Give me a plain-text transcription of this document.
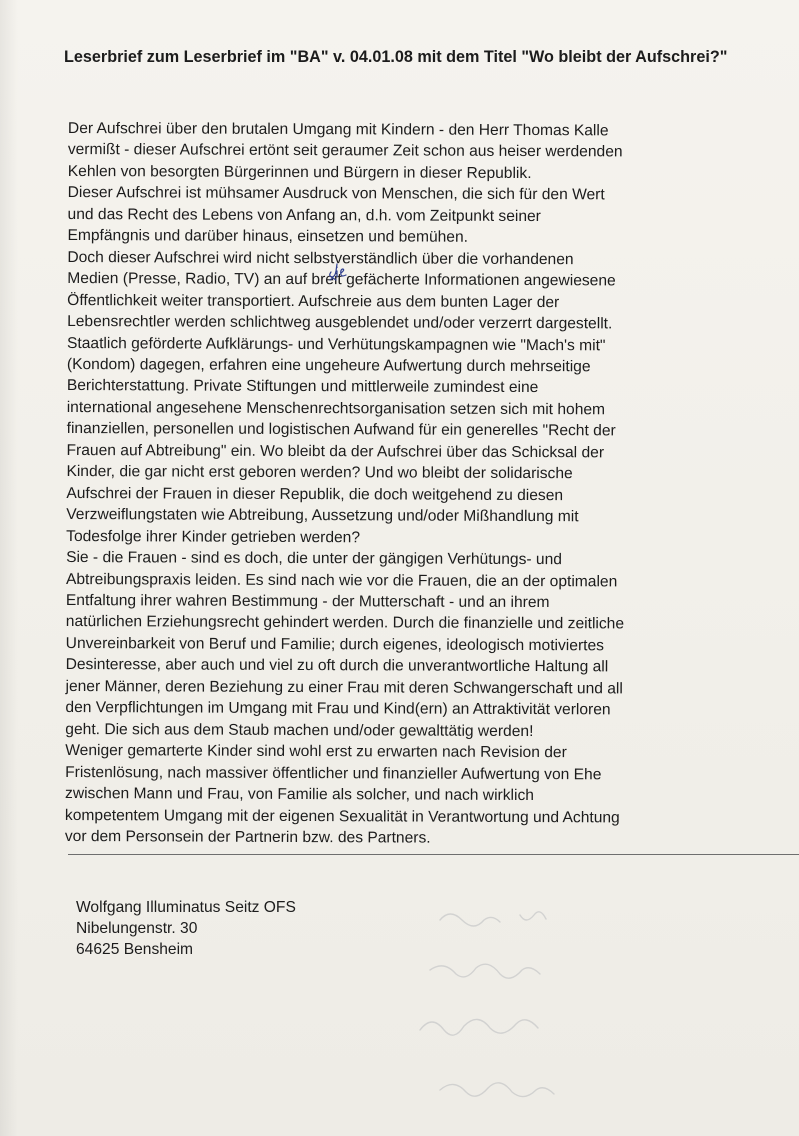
Leserbrief zum Leserbrief im "BA" v. 04.01.08 mit dem Titel "Wo bleibt der Aufschrei?"
Der Aufschrei über den brutalen Umgang mit Kindern - den Herr Thomas Kalle
vermißt - dieser Aufschrei ertönt seit geraumer Zeit schon aus heiser werdenden
Kehlen von besorgten Bürgerinnen und Bürgern in dieser Republik.
Dieser Aufschrei ist mühsamer Ausdruck von Menschen, die sich für den Wert
und das Recht des Lebens von Anfang an, d.h. vom Zeitpunkt seiner
Empfängnis und darüber hinaus, einsetzen und bemühen.
Doch dieser Aufschrei wird nicht selbstverständlich über die vorhandenen
Medien (Presse, Radio, TV) an auf breit gefächerte Informationen angewiesene
Öffentlichkeit weiter transportiert. Aufschreie aus dem bunten Lager der
Lebensrechtler werden schlichtweg ausgeblendet und/oder verzerrt dargestellt.
Staatlich geförderte Aufklärungs- und Verhütungskampagnen wie "Mach's mit"
(Kondom) dagegen, erfahren eine ungeheure Aufwertung durch mehrseitige
Berichterstattung. Private Stiftungen und mittlerweile zumindest eine
international angesehene Menschenrechtsorganisation setzen sich mit hohem
finanziellen, personellen und logistischen Aufwand für ein generelles "Recht der
Frauen auf Abtreibung" ein. Wo bleibt da der Aufschrei über das Schicksal der
Kinder, die gar nicht erst geboren werden? Und wo bleibt der solidarische
Aufschrei der Frauen in dieser Republik, die doch weitgehend zu diesen
Verzweiflungstaten wie Abtreibung, Aussetzung und/oder Mißhandlung mit
Todesfolge ihrer Kinder getrieben werden?
Sie - die Frauen - sind es doch, die unter der gängigen Verhütungs- und
Abtreibungspraxis leiden. Es sind nach wie vor die Frauen, die an der optimalen
Entfaltung ihrer wahren Bestimmung - der Mutterschaft - und an ihrem
natürlichen Erziehungsrecht gehindert werden. Durch die finanzielle und zeitliche
Unvereinbarkeit von Beruf und Familie; durch eigenes, ideologisch motiviertes
Desinteresse, aber auch und viel zu oft durch die unverantwortliche Haltung all
jener Männer, deren Beziehung zu einer Frau mit deren Schwangerschaft und all
den Verpflichtungen im Umgang mit Frau und Kind(ern) an Attraktivität verloren
geht. Die sich aus dem Staub machen und/oder gewalttätig werden!
Weniger gemarterte Kinder sind wohl erst zu erwarten nach Revision der
Fristenlösung, nach massiver öffentlicher und finanzieller Aufwertung von Ehe
zwischen Mann und Frau, von Familie als solcher, und nach wirklich
kompetentem Umgang mit der eigenen Sexualität in Verantwortung und Achtung
vor dem Personsein der Partnerin bzw. des Partners.
Wolfgang Illuminatus Seitz OFS
Nibelungenstr. 30
64625 Bensheim
